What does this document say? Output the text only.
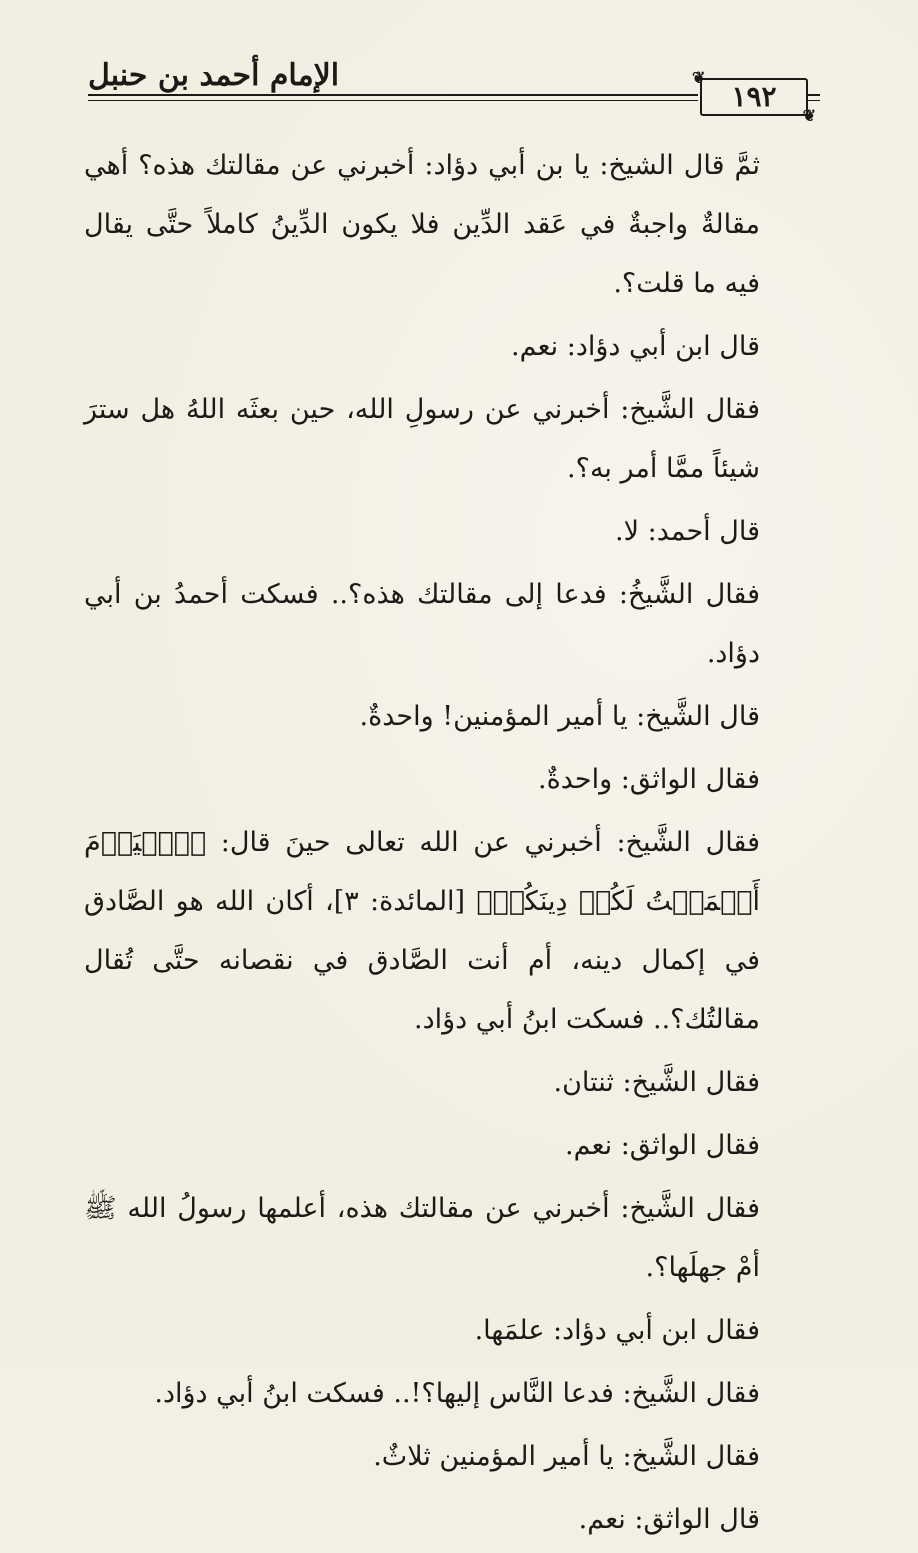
الإمام أحمد بن حنبل	❦
١٩٢
❦

ثمَّ قال الشيخ: يا بن أبي دؤاد: أخبرني عن مقالتك هذه؟ أهي مقالةٌ واجبةٌ في عَقد الدِّين فلا يكون الدِّينُ كاملاً حتَّى يقال فيه ما قلت؟.

قال ابن أبي دؤاد: نعم.

فقال الشَّيخ: أخبرني عن رسولِ الله، حين بعثَه اللهُ هل سترَ شيئاً ممَّا أمر به؟.

قال أحمد: لا.

فقال الشَّيخُ: فدعا إلى مقالتك هذه؟.. فسكت أحمدُ بن أبي دؤاد.

قال الشَّيخ: يا أمير المؤمنين! واحدةٌ.

فقال الواثق: واحدةٌ.

فقال الشَّيخ: أخبرني عن الله تعالى حينَ قال: ﴿ٱلۡيَوۡمَ أَكۡمَلۡتُ لَكُمۡ دِينَكُمۡ﴾ [المائدة: ٣]، أكان الله هو الصَّادق في إكمال دينه، أم أنت الصَّادق في نقصانه حتَّى تُقال مقالتُك؟.. فسكت ابنُ أبي دؤاد.

فقال الشَّيخ: ثنتان.

فقال الواثق: نعم.

فقال الشَّيخ: أخبرني عن مقالتك هذه، أعلمها رسولُ الله ﷺ أمْ جهلَها؟.

فقال ابن أبي دؤاد: علمَها.

فقال الشَّيخ: فدعا النَّاس إليها؟!.. فسكت ابنُ أبي دؤاد.

فقال الشَّيخ: يا أمير المؤمنين ثلاثٌ.

قال الواثق: نعم.
